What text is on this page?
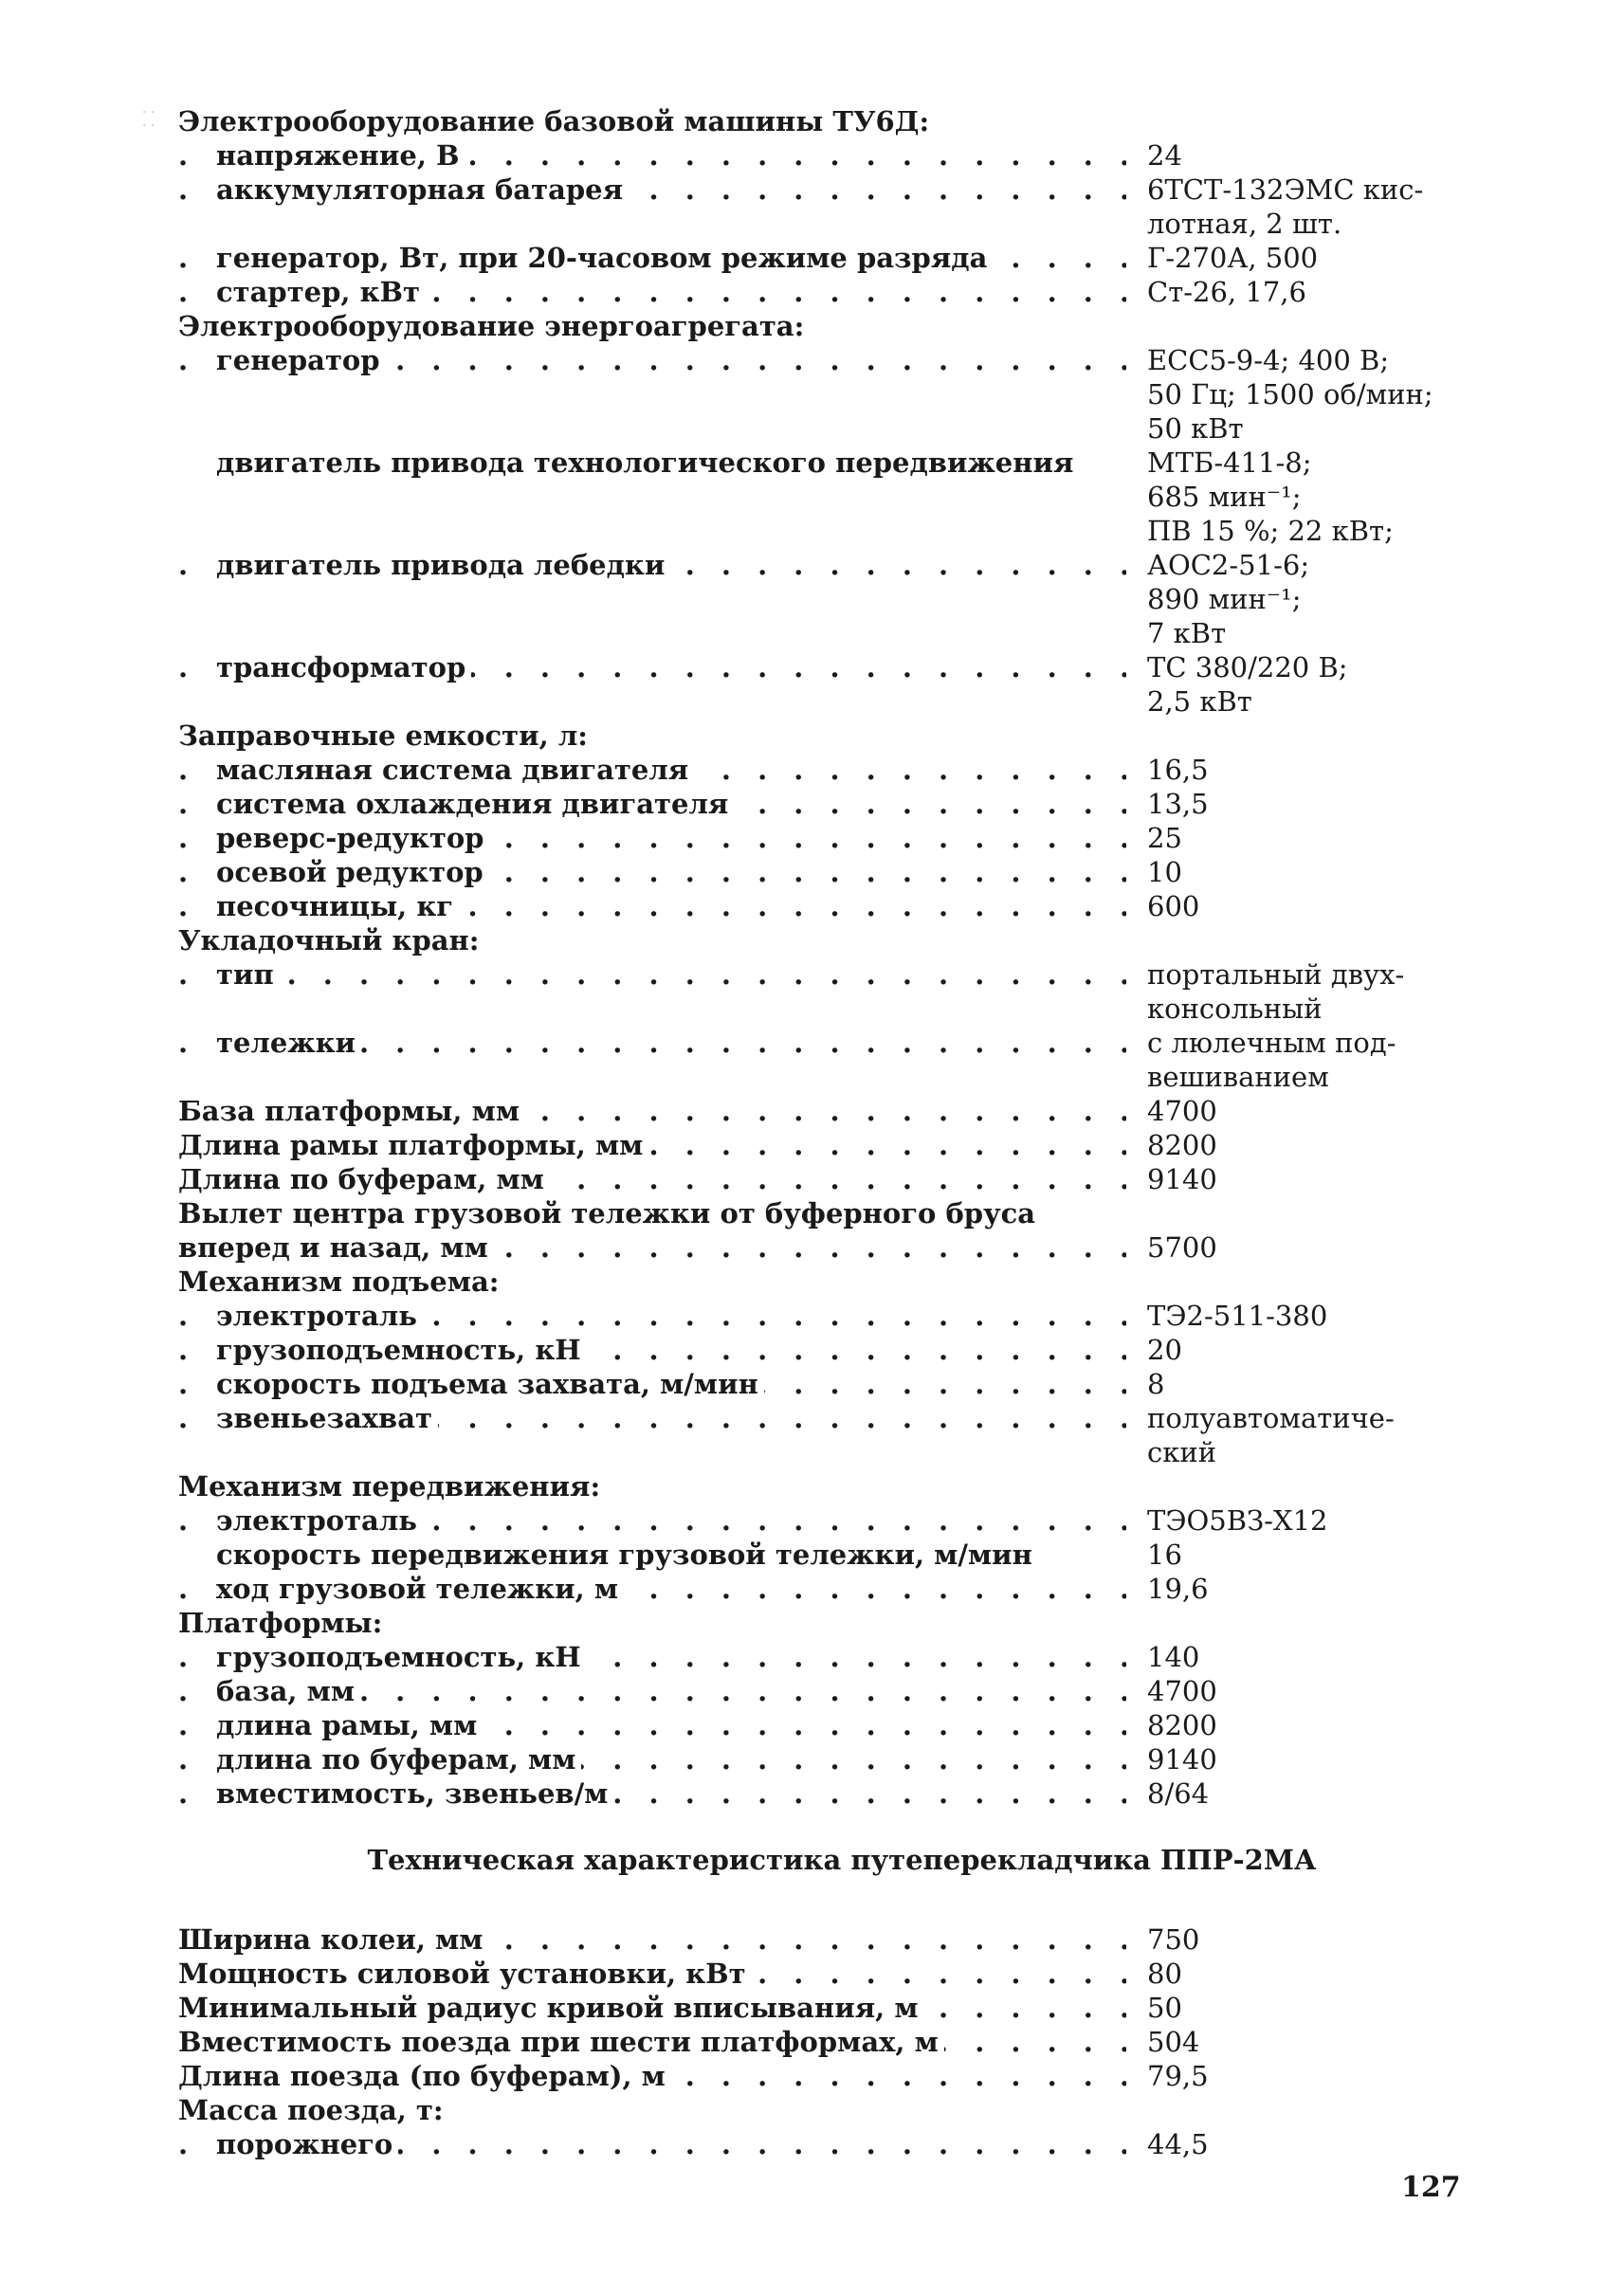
· ·
· · Электрооборудование базовой машины ТУ6Д:
напряжение, В . . .	24
аккумуляторная батарея . . .	6ТСТ-132ЭМС кис-
лотная, 2 шт.
генератор, Вт, при 20-часовом режиме разряда . . .	Г-270А, 500
стартер, кВт . . .	Ст-26, 17,6
Электрооборудование энергоагрегата:
генератор . . .	ЕСС5-9-4; 400 В;
50 Гц; 1500 об/мин;
50 кВт
двигатель привода технологического передвижения	МТБ-411-8;
685 мин⁻¹;
ПВ 15 %; 22 кВт;
двигатель привода лебедки . . .	АОС2-51-6;
890 мин⁻¹;
7 кВт
трансформатор . . .	ТС 380/220 В;
2,5 кВт
Заправочные емкости, л:
масляная система двигателя . . .	16,5
система охлаждения двигателя . . .	13,5
реверс-редуктор . . .	25
осевой редуктор . . .	10
песочницы, кг . . .	600
Укладочный кран:
тип . . .	портальный двух-
консольный
тележки . . .	с люлечным под-
вешиванием
База платформы, мм . . .	4700
Длина рамы платформы, мм . . .	8200
Длина по буферам, мм . . .	9140
Вылет центра грузовой тележки от буферного бруса
вперед и назад, мм . . .	5700
Механизм подъема:
электроталь . . .	ТЭ2-511-380
грузоподъемность, кН . . .	20
скорость подъема захвата, м/мин . . .	8
звеньезахват . . .	полуавтоматиче-
ский
Механизм передвижения:
электроталь . . .	ТЭО5ВЗ-Х12
скорость передвижения грузовой тележки, м/мин	16
ход грузовой тележки, м . . .	19,6
Платформы:
грузоподъемность, кН . . .	140
база, мм . . .	4700
длина рамы, мм . . .	8200
длина по буферам, мм . . .	9140
вместимость, звеньев/м . . .	8/64
Техническая характеристика путеперекладчика ППР-2МА
Ширина колеи, мм . . .	750
Мощность силовой установки, кВт . . .	80
Минимальный радиус кривой вписывания, м . . .	50
Вместимость поезда при шести платформах, м . . .	504
Длина поезда (по буферам), м . . .	79,5
Масса поезда, т:
порожнего . . .	44,5
127
